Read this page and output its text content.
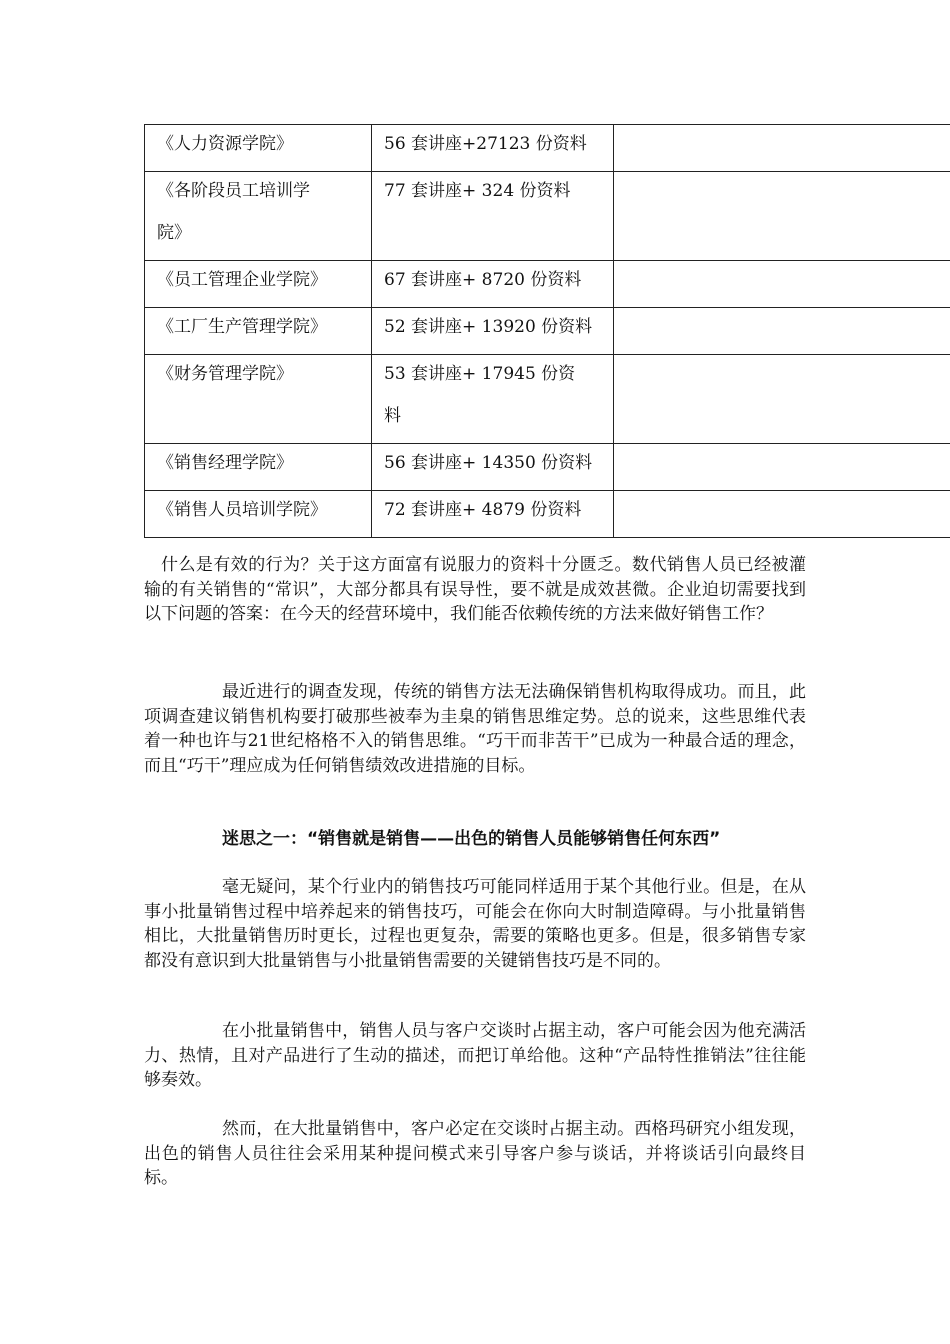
《人力资源学院》	56 套讲座+27123 份资料	

《各阶段员工培训学院》	77 套讲座+ 324 份资料	

《员工管理企业学院》	67 套讲座+ 8720 份资料	

《工厂生产管理学院》	52 套讲座+ 13920 份资料	

《财务管理学院》	53 套讲座+ 17945 份资料	

《销售经理学院》	56 套讲座+ 14350 份资料	

《销售人员培训学院》	72 套讲座+ 4879 份资料	

什么是有效的行为？关于这方面富有说服力的资料十分匮乏。数代销售人员已经被灌输的有关销售的“常识”，大部分都具有误导性，要不就是成效甚微。企业迫切需要找到以下问题的答案：在今天的经营环境中，我们能否依赖传统的方法来做好销售工作？

最近进行的调查发现，传统的销售方法无法确保销售机构取得成功。而且，此项调查建议销售机构要打破那些被奉为圭臬的销售思维定势。总的说来，这些思维代表着一种也许与21世纪格格不入的销售思维。“巧干而非苦干”已成为一种最合适的理念，而且“巧干”理应成为任何销售绩效改进措施的目标。

迷思之一：“销售就是销售——出色的销售人员能够销售任何东西”

毫无疑问，某个行业内的销售技巧可能同样适用于某个其他行业。但是，在从事小批量销售过程中培养起来的销售技巧，可能会在你向大时制造障碍。与小批量销售相比，大批量销售历时更长，过程也更复杂，需要的策略也更多。但是，很多销售专家都没有意识到大批量销售与小批量销售需要的关键销售技巧是不同的。

在小批量销售中，销售人员与客户交谈时占据主动，客户可能会因为他充满活力、热情，且对产品进行了生动的描述，而把订单给他。这种“产品特性推销法”往往能够奏效。

然而，在大批量销售中，客户必定在交谈时占据主动。西格玛研究小组发现，出色的销售人员往往会采用某种提问模式来引导客户参与谈话，并将谈话引向最终目标。
